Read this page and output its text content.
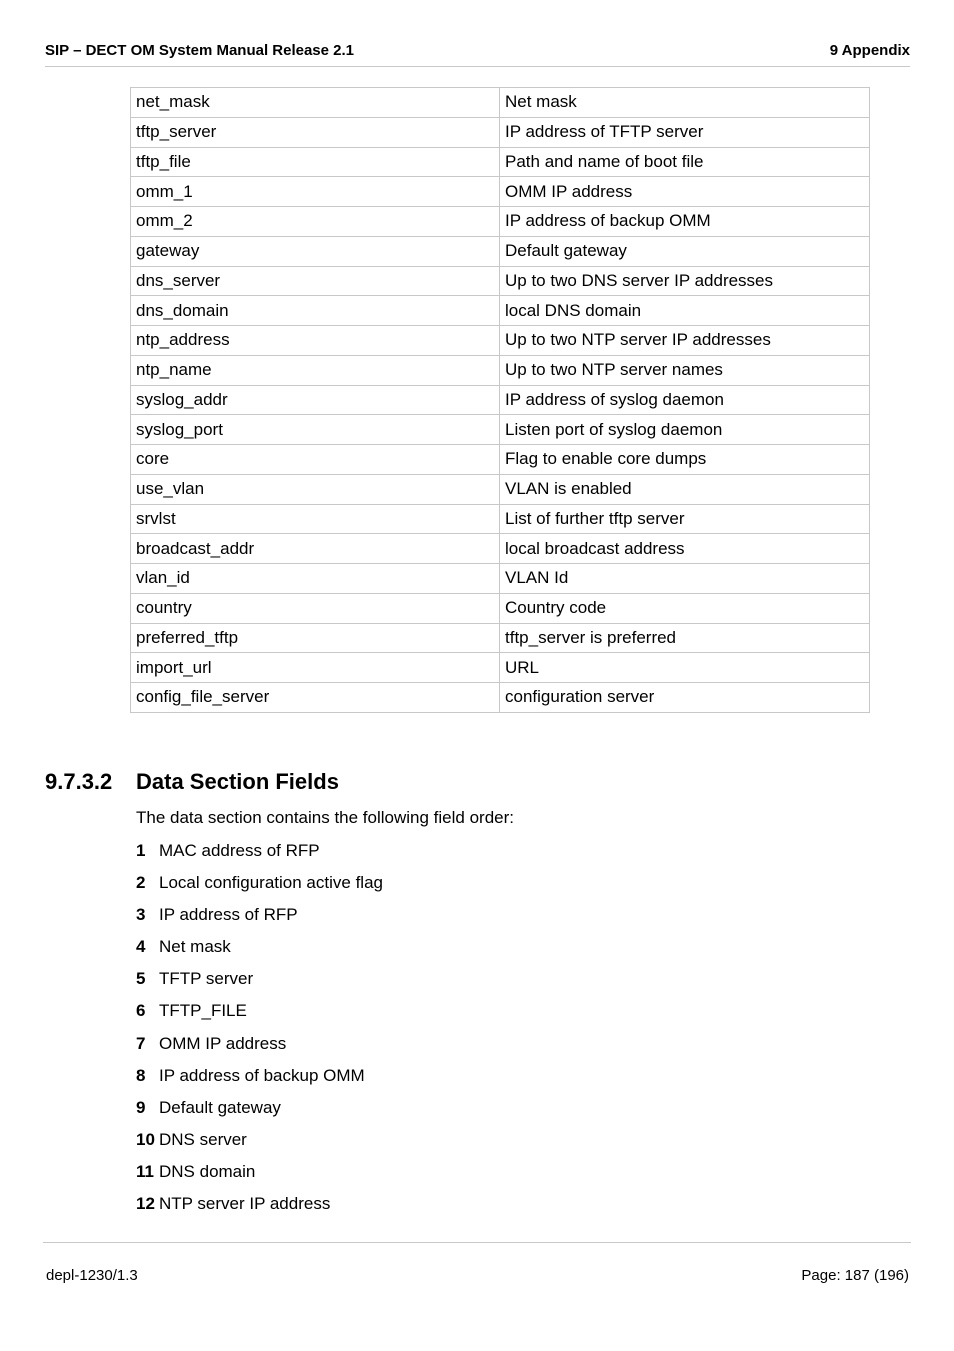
SIP – DECT OM System Manual Release 2.1	9 Appendix
net_mask	Net mask
tftp_server	IP address of TFTP server
tftp_file	Path and name of boot file
omm_1	OMM IP address
omm_2	IP address of backup OMM
gateway	Default gateway
dns_server	Up to two DNS server IP addresses
dns_domain	local DNS domain
ntp_address	Up to two NTP server IP addresses
ntp_name	Up to two NTP server names
syslog_addr	IP address of syslog daemon
syslog_port	Listen port of syslog daemon
core	Flag to enable core dumps
use_vlan	VLAN is enabled
srvlst	List of further tftp server
broadcast_addr	local broadcast address
vlan_id	VLAN Id
country	Country code
preferred_tftp	tftp_server is preferred
import_url	URL
config_file_server	configuration server
9.7.3.2 Data Section Fields
The data section contains the following field order:
1 MAC address of RFP
2 Local configuration active flag
3 IP address of RFP
4 Net mask
5 TFTP server
6 TFTP_FILE
7 OMM IP address
8 IP address of backup OMM
9 Default gateway
10 DNS server
11 DNS domain
12 NTP server IP address
depl-1230/1.3	Page: 187 (196)
